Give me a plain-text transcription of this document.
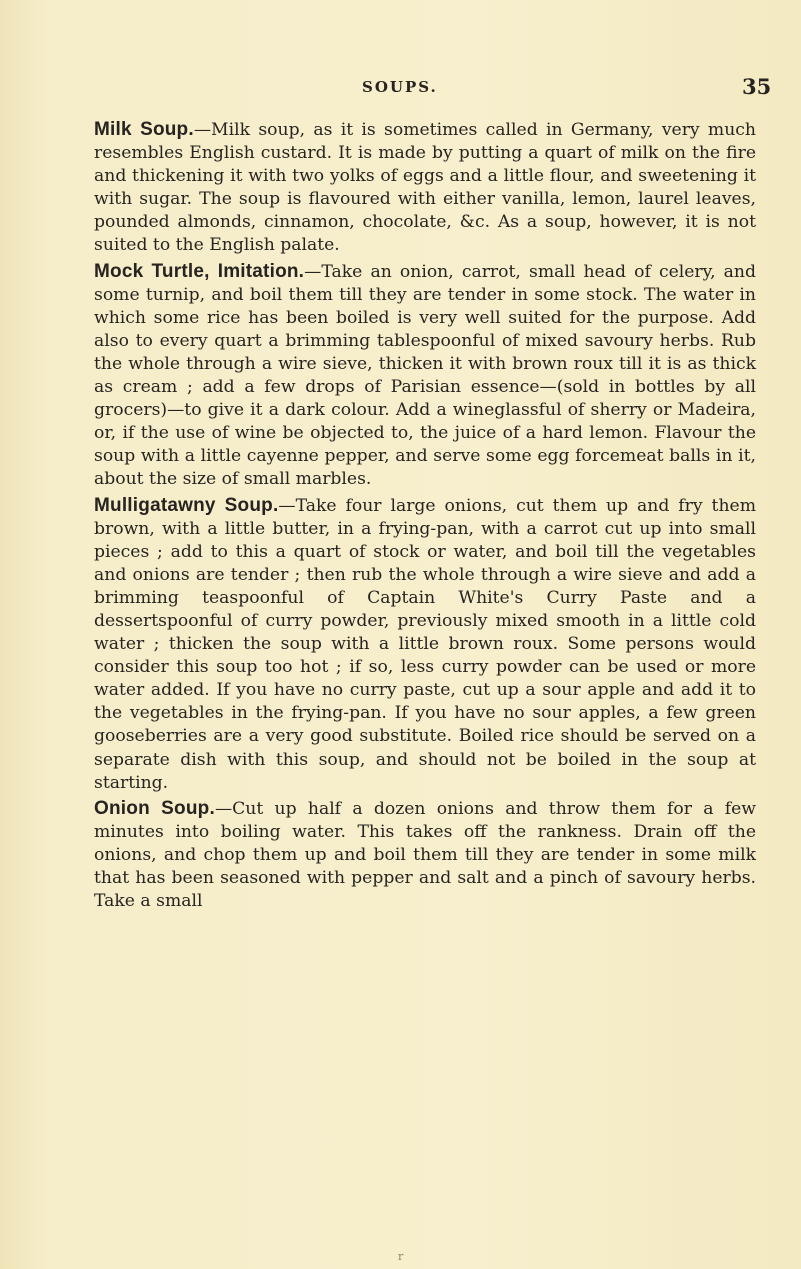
SOUPS.	35

Milk Soup.—Milk soup, as it is sometimes called in Germany, very much resembles English custard. It is made by putting a quart of milk on the fire and thickening it with two yolks of eggs and a little flour, and sweetening it with sugar. The soup is flavoured with either vanilla, lemon, laurel leaves, pounded almonds, cinnamon, chocolate, &c. As a soup, however, it is not suited to the English palate.

Mock Turtle, Imitation.—Take an onion, carrot, small head of celery, and some turnip, and boil them till they are tender in some stock. The water in which some rice has been boiled is very well suited for the purpose. Add also to every quart a brimming tablespoonful of mixed savoury herbs. Rub the whole through a wire sieve, thicken it with brown roux till it is as thick as cream ; add a few drops of Parisian essence—(sold in bottles by all grocers)—to give it a dark colour. Add a wineglassful of sherry or Madeira, or, if the use of wine be objected to, the juice of a hard lemon. Flavour the soup with a little cayenne pepper, and serve some egg forcemeat balls in it, about the size of small marbles.

Mulligatawny Soup.—Take four large onions, cut them up and fry them brown, with a little butter, in a frying-pan, with a carrot cut up into small pieces ; add to this a quart of stock or water, and boil till the vegetables and onions are tender ; then rub the whole through a wire sieve and add a brimming teaspoonful of Captain White's Curry Paste and a dessertspoonful of curry powder, previously mixed smooth in a little cold water ; thicken the soup with a little brown roux. Some persons would consider this soup too hot ; if so, less curry powder can be used or more water added. If you have no curry paste, cut up a sour apple and add it to the vegetables in the frying-pan. If you have no sour apples, a few green gooseberries are a very good substitute. Boiled rice should be served on a separate dish with this soup, and should not be boiled in the soup at starting.

Onion Soup.—Cut up half a dozen onions and throw them for a few minutes into boiling water. This takes off the rankness. Drain off the onions, and chop them up and boil them till they are tender in some milk that has been seasoned with pepper and salt and a pinch of savoury herbs. Take a small

r
